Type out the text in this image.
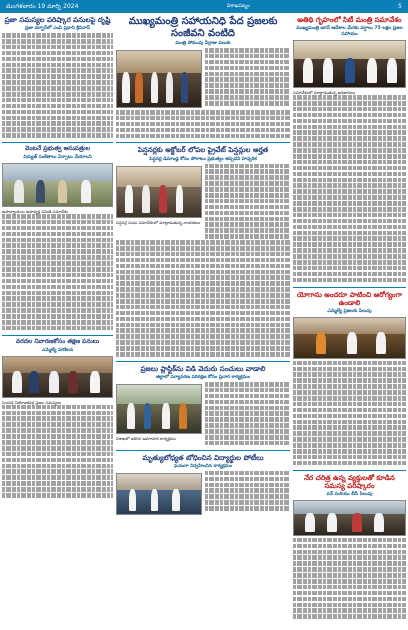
మంగళవారం 19 మార్చి 2024	విశాఖపట్నం	5
ప్రజా సమస్యల పరిష్కార పనులపై దృష్టి
ప్రజా దర్బార్‌లో ఎంపి ప్రధాని శ్రీనివాస్
వెంటనే ప్రభుత్వ ఆసుపత్రుల
విద్యుత్ సంకేతాలు ఏర్పాటు చేయాలని
ఉపాధ్యాయుల ఉపాధ్యక్ష సమితి సమావేశం
వరదల నివారణకోసం తక్షణ పనులు
ఎమ్మెల్యే పరిశీలన
పెందుర్తి నియోజకవర్గ ప్రజల సమస్యలు
ముఖ్యమంత్రి సహాయనిధి పేద ప్రజలకు సంజీవని వంటిది
మంత్రి సోమువు వీర్రాజు పలుకు
పెన్షనర్లకు అక్టోబర్‌ లోపల ప్రైవేట్‌ పెన్షన్లుల అర్హత
పెన్షనర్ల డిమాండ్ల కోసం పోరాటం ప్రభుత్వం తప్పదని హెచ్చరిక
పెన్షనర్ల సంఘ సమావేశంలో మాట్లాడుతున్న నాయకులు
ప్రజలు ప్లాస్టిక్‌ను విడి వెదురు సంచులు వాడాలి
జిల్లాలో పర్యావరణ పరిరక్షణ కోసం ప్రచార కార్యక్రమం
విశాఖలో జరిగిన అవగాహన కార్యక్రమం
మృత్యుబోధ్యత బోధించిన విద్యార్థుల పోటీలు
ఘనంగా నిర్వహించిన కార్యక్రమం
అతిథి గృహంలో సిటీ మంత్రి సమావేశం
ముఖ్యమంత్రి జగన్ ఆదేశాల మేరకు వర్షాలు 75 లక్షల ప్రజల సహాయం
సమావేశంలో మాట్లాడుతున్న అధికారులు
యోగాను అందరూ పాటించి ఆరోగ్యంగా ఉండాలి
ఎమ్మెల్యే ప్రజలకు పిలుపు
నేర చరిత్ర ఉన్న వ్యక్తులతో కూడిన సమస్య పరిష్కారం
వన్ మరియు బీసీ పిలుపు
